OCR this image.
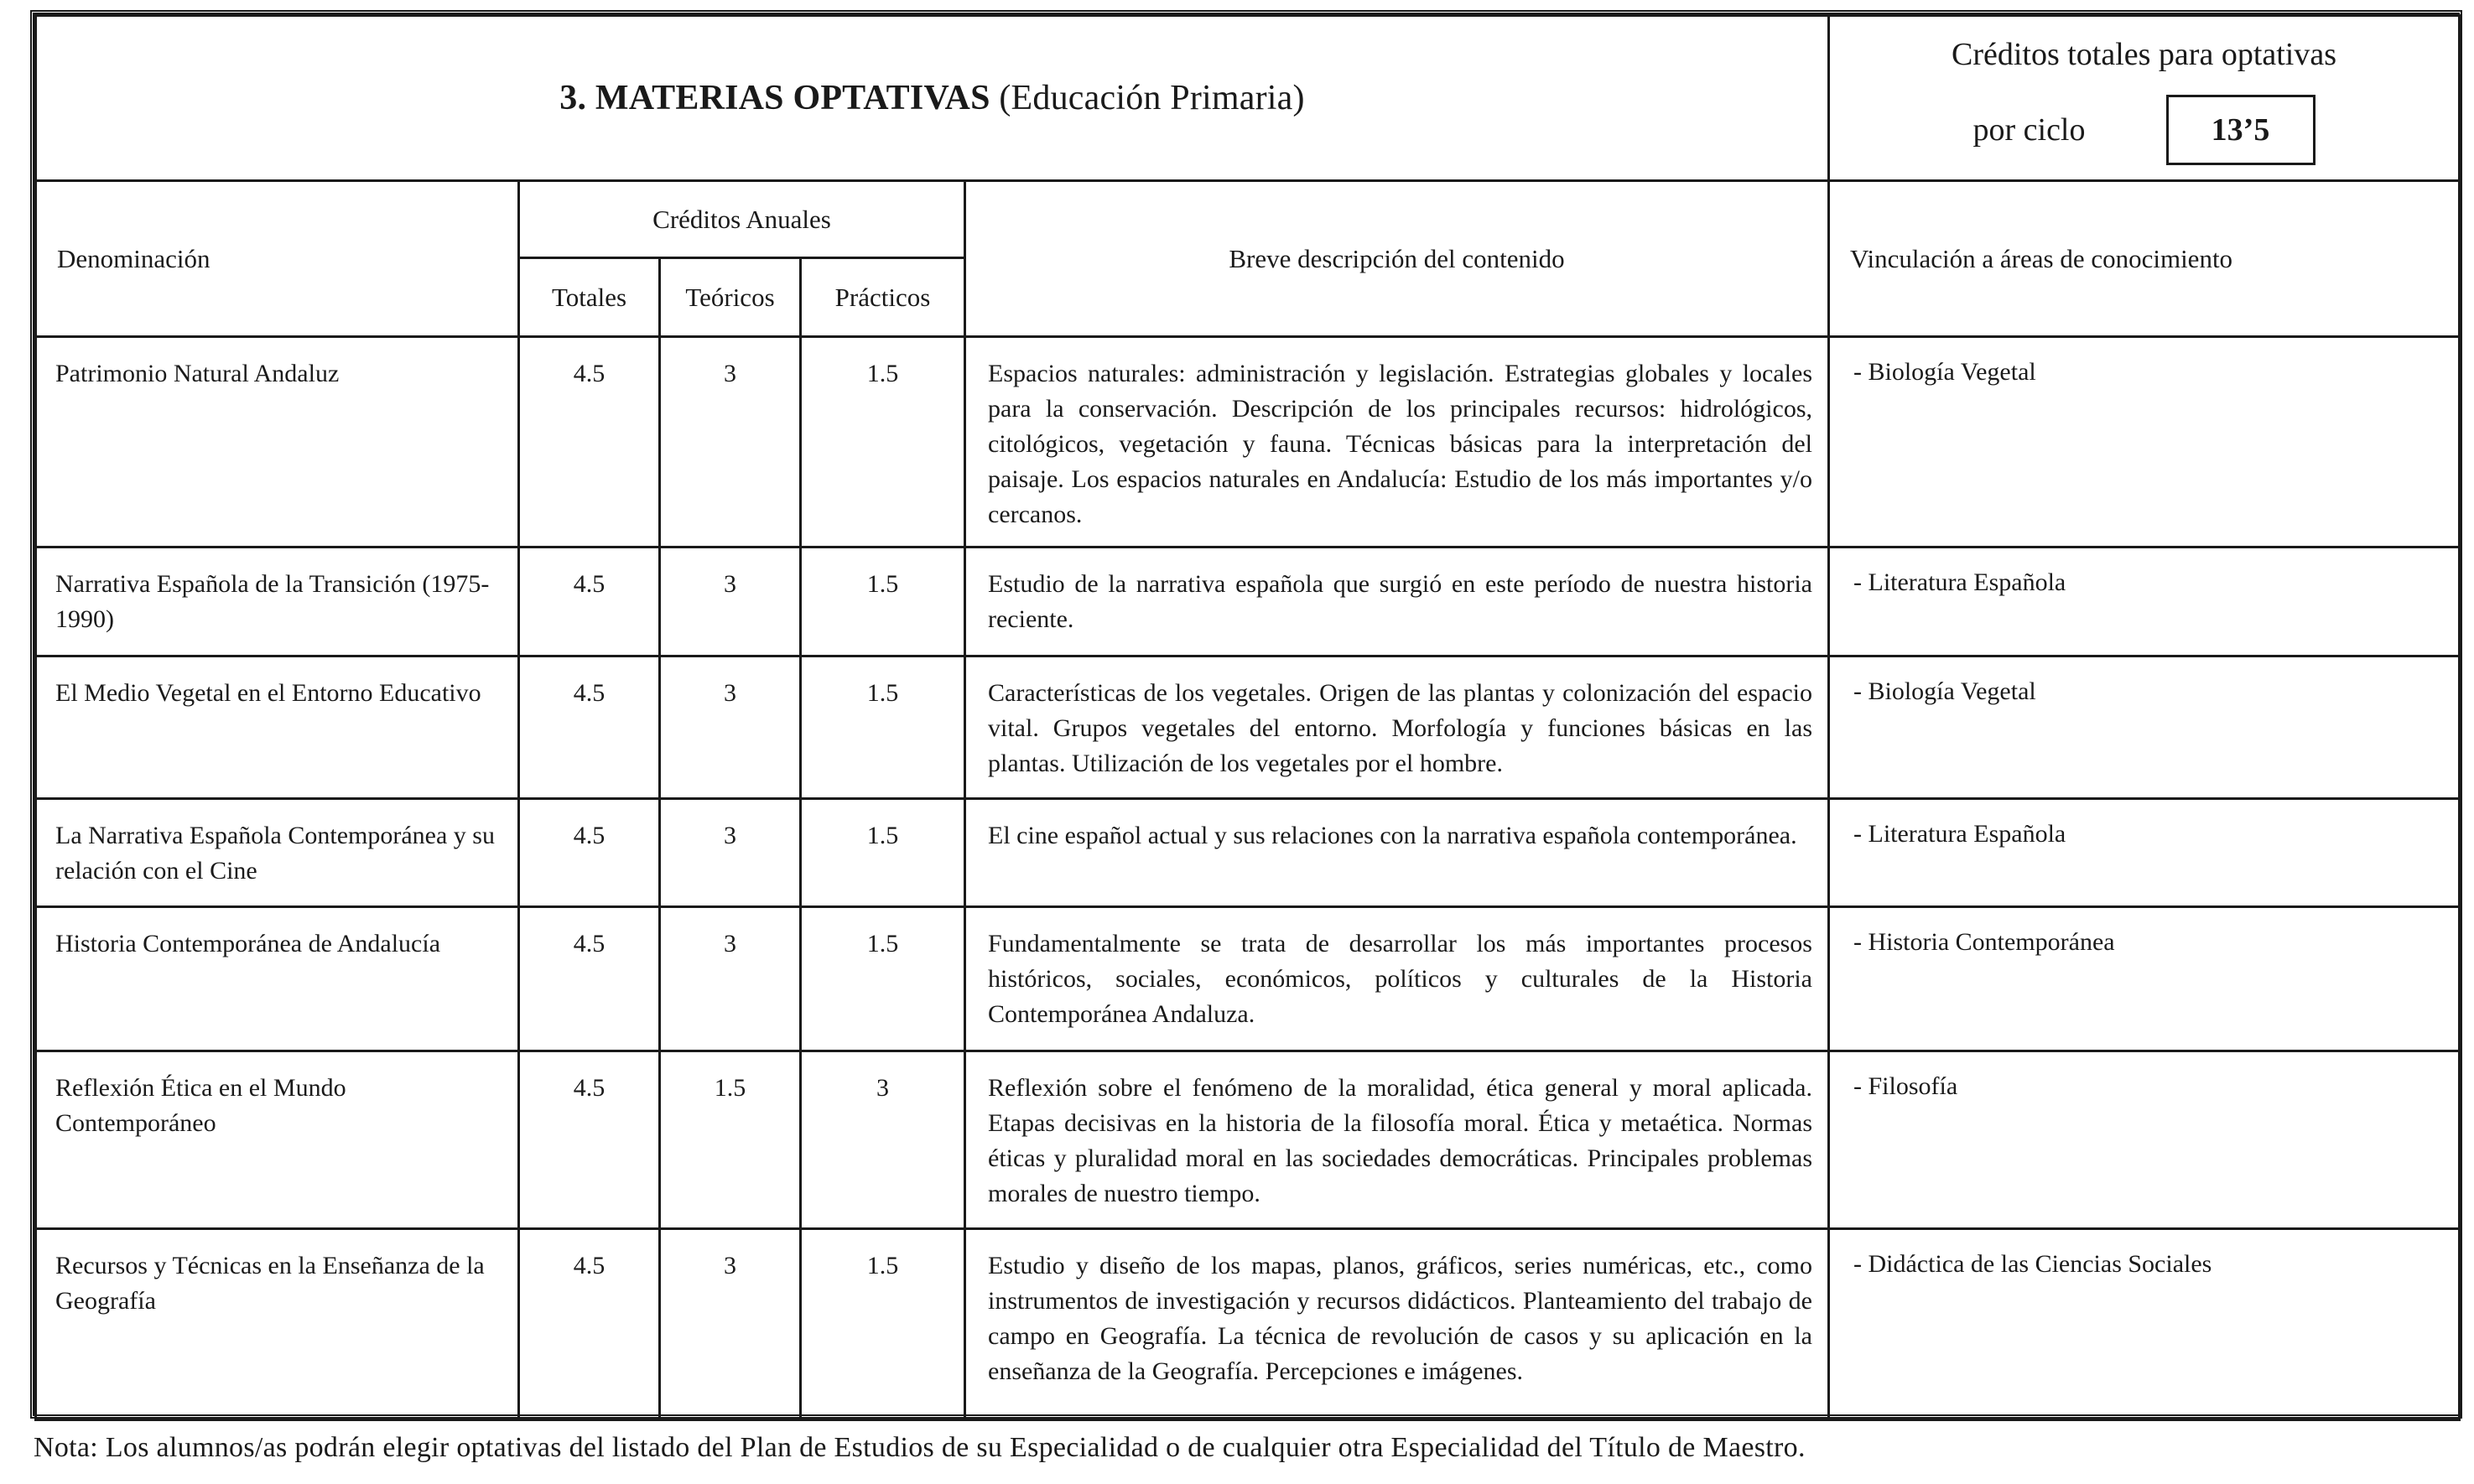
3. MATERIAS OPTATIVAS (Educación Primaria)					Créditos totales para optativas
por ciclo 13’5

Denominación	Créditos Anuales			Breve descripción del contenido	Vinculación a áreas de conocimiento
	Totales	Teóricos	Prácticos		
Patrimonio Natural Andaluz	4.5	3	1.5	Espacios naturales: administración y legislación. Estrategias globales y locales para la conservación. Descripción de los principales recursos: hidrológicos, citológicos, vegetación y fauna. Técnicas básicas para la interpretación del paisaje. Los espacios naturales en Andalucía: Estudio de los más importantes y/o cercanos.	- Biología Vegetal
Narrativa Española de la Transición (1975-1990)	4.5	3	1.5	Estudio de la narrativa española que surgió en este período de nuestra historia reciente.	- Literatura Española
El Medio Vegetal en el Entorno Educativo	4.5	3	1.5	Características de los vegetales. Origen de las plantas y colonización del espacio vital. Grupos vegetales del entorno. Morfología y funciones básicas en las plantas. Utilización de los vegetales por el hombre.	- Biología Vegetal
La Narrativa Española Contemporánea y su relación con el Cine	4.5	3	1.5	El cine español actual y sus relaciones con la narrativa española contemporánea.	- Literatura Española
Historia Contemporánea de Andalucía	4.5	3	1.5	Fundamentalmente se trata de desarrollar los más importantes procesos históricos, sociales, económicos, políticos y culturales de la Historia Contemporánea Andaluza.	- Historia Contemporánea
Reflexión Ética en el Mundo Contemporáneo	4.5	1.5	3	Reflexión sobre el fenómeno de la moralidad, ética general y moral aplicada. Etapas decisivas en la historia de la filosofía moral. Ética y metaética. Normas éticas y pluralidad moral en las sociedades democráticas. Principales problemas morales de nuestro tiempo.	- Filosofía
Recursos y Técnicas en la Enseñanza de la Geografía	4.5	3	1.5	Estudio y diseño de los mapas, planos, gráficos, series numéricas, etc., como instrumentos de investigación y recursos didácticos. Planteamiento del trabajo de campo en Geografía. La técnica de revolución de casos y su aplicación en la enseñanza de la Geografía. Percepciones e imágenes.	- Didáctica de las Ciencias Sociales
Nota: Los alumnos/as podrán elegir optativas del listado del Plan de Estudios de su Especialidad o de cualquier otra Especialidad del Título de Maestro.
